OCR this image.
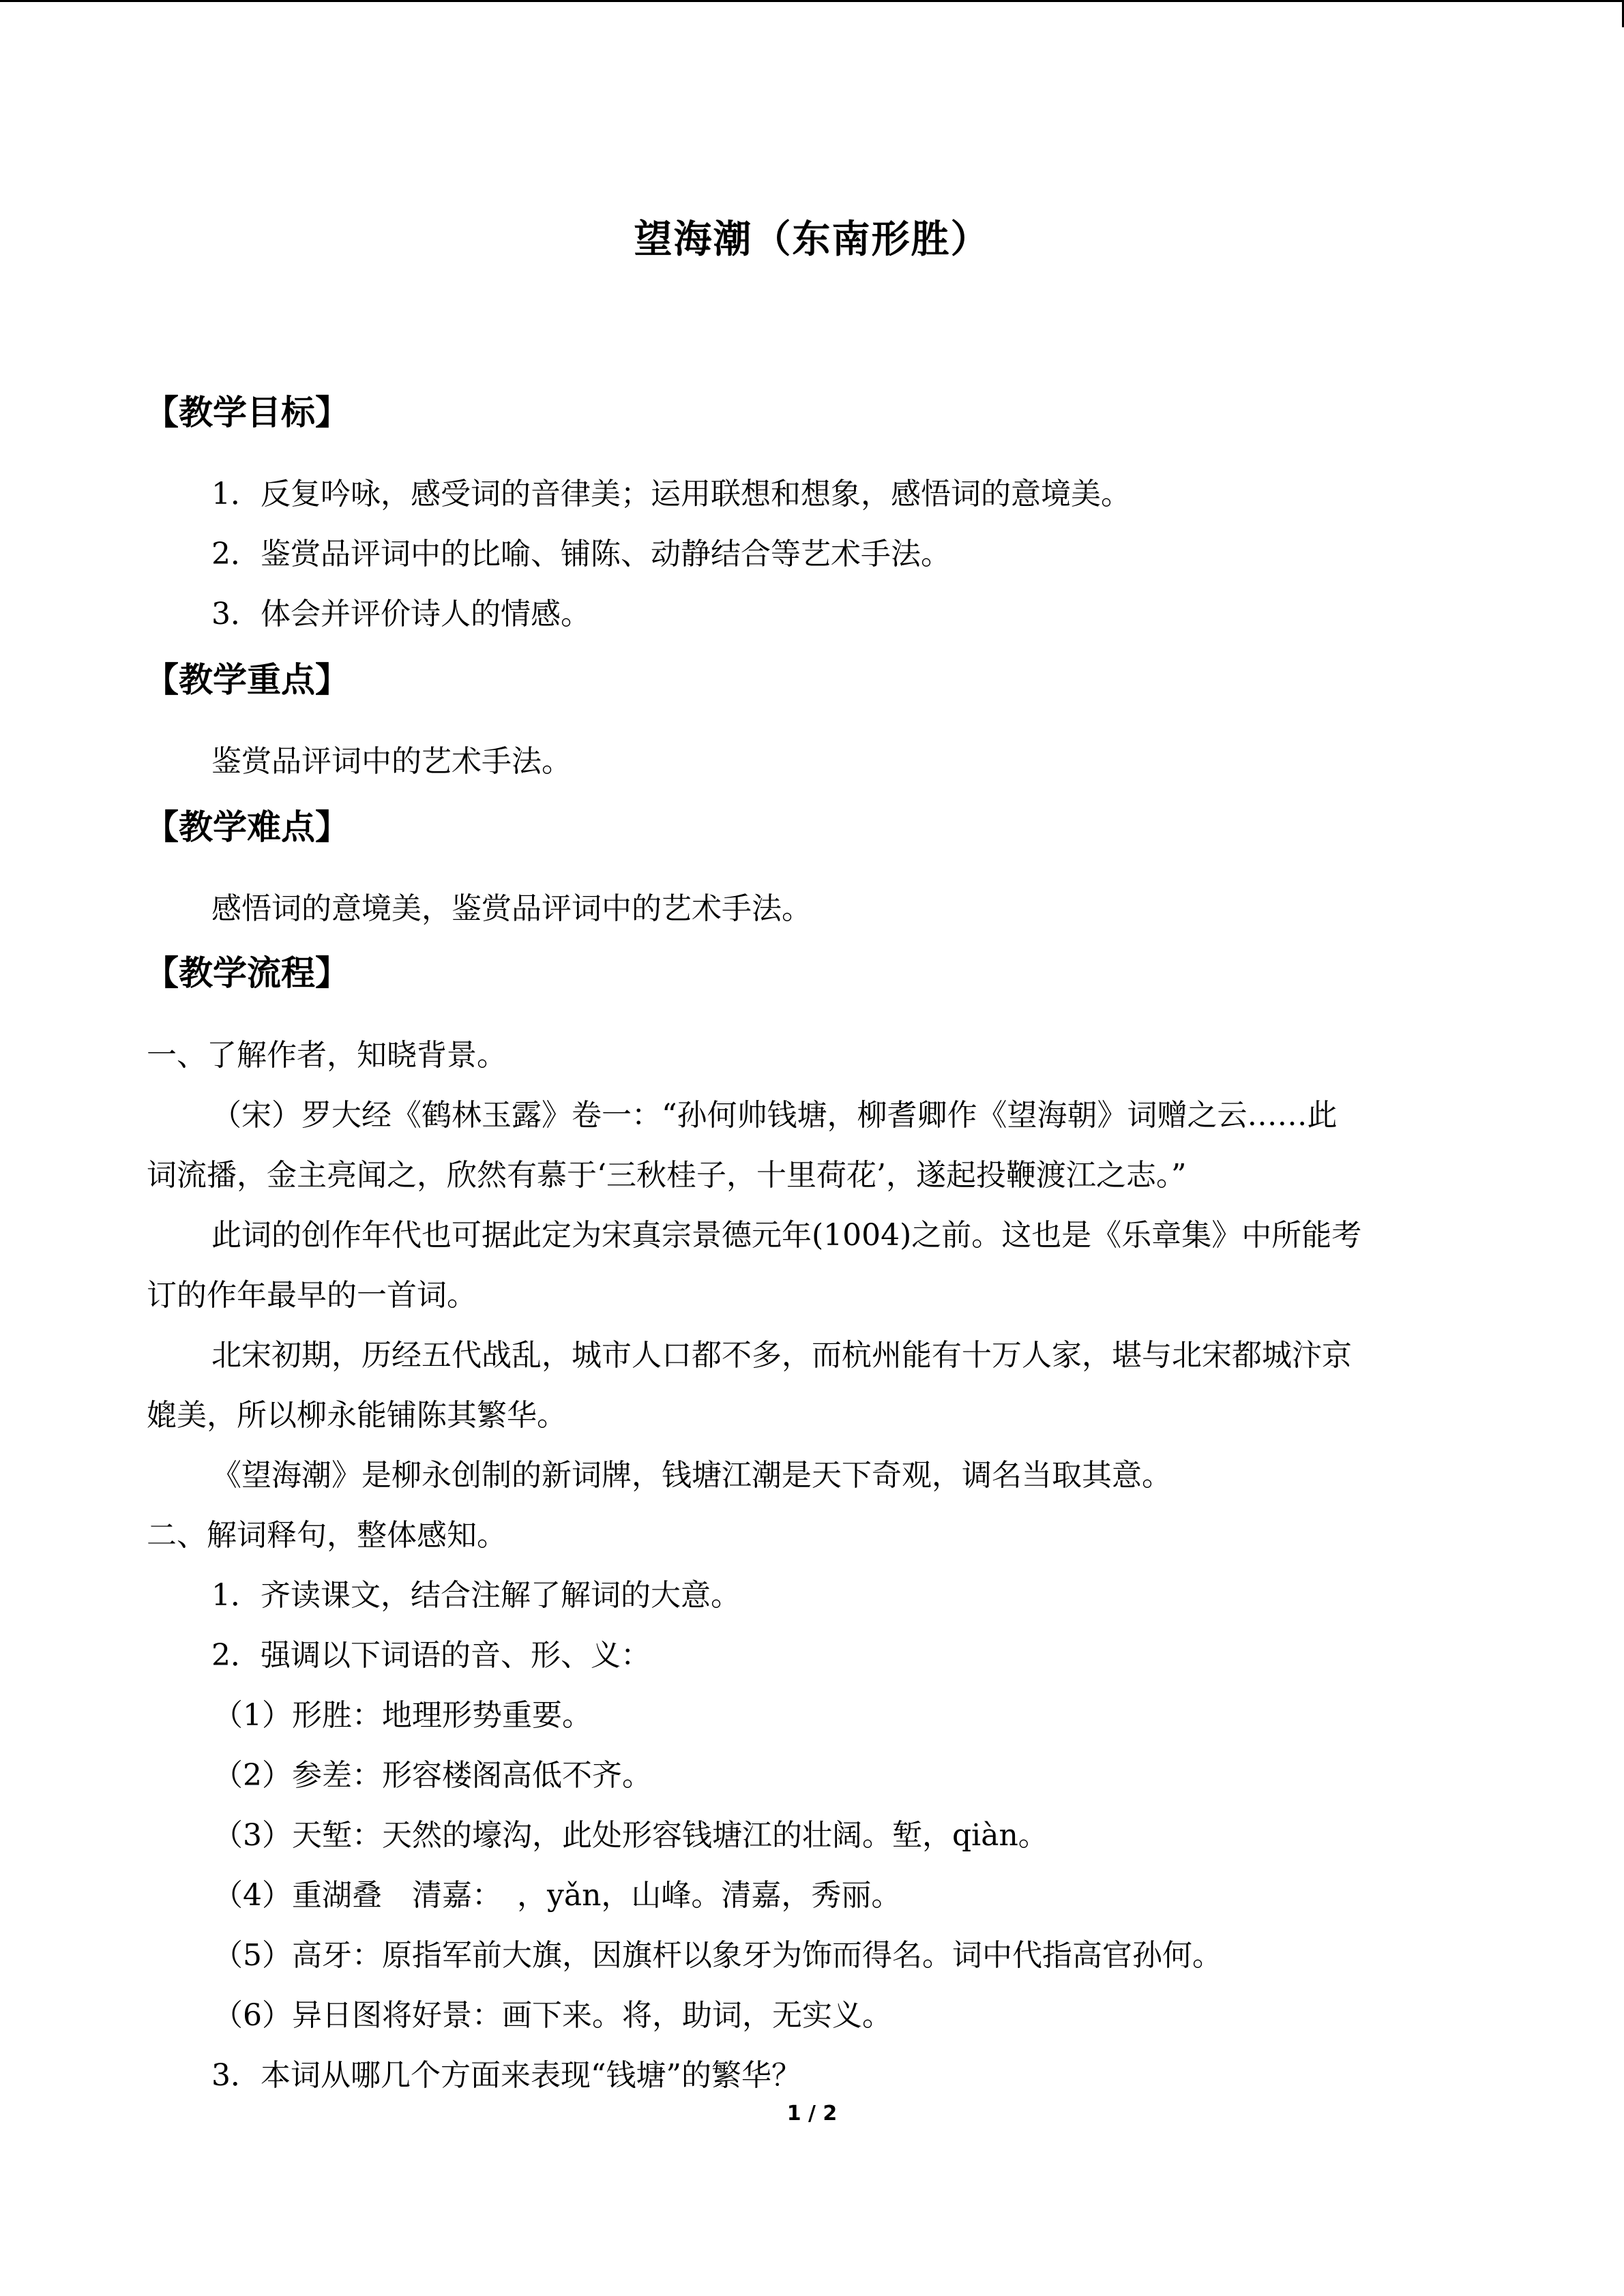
望海潮（东南形胜）
【教学目标】

1．反复吟咏，感受词的音律美；运用联想和想象，感悟词的意境美。

2．鉴赏品评词中的比喻、铺陈、动静结合等艺术手法。

3．体会并评价诗人的情感。

【教学重点】

鉴赏品评词中的艺术手法。

【教学难点】

感悟词的意境美，鉴赏品评词中的艺术手法。

【教学流程】

一、了解作者，知晓背景。

（宋）罗大经《鹤林玉露》卷一：“孙何帅钱塘，柳耆卿作《望海朝》词赠之云……此

词流播，金主亮闻之，欣然有慕于‘三秋桂子，十里荷花’，遂起投鞭渡江之志。”

此词的创作年代也可据此定为宋真宗景德元年(1004)之前。这也是《乐章集》中所能考

订的作年最早的一首词。

北宋初期，历经五代战乱，城市人口都不多，而杭州能有十万人家，堪与北宋都城汴京

媲美，所以柳永能铺陈其繁华。

《望海潮》是柳永创制的新词牌，钱塘江潮是天下奇观，调名当取其意。

二、解词释句，整体感知。

1．齐读课文，结合注解了解词的大意。

2．强调以下词语的音、形、义：

（1）形胜：地理形势重要。

（2）参差：形容楼阁高低不齐。

（3）天堑：天然的壕沟，此处形容钱塘江的壮阔。堑，qiàn。

（4）重湖叠　清嘉：　，yǎn，山峰。清嘉，秀丽。

（5）高牙：原指军前大旗，因旗杆以象牙为饰而得名。词中代指高官孙何。

（6）异日图将好景：画下来。将，助词，无实义。

3．本词从哪几个方面来表现“钱塘”的繁华？

1 / 2
